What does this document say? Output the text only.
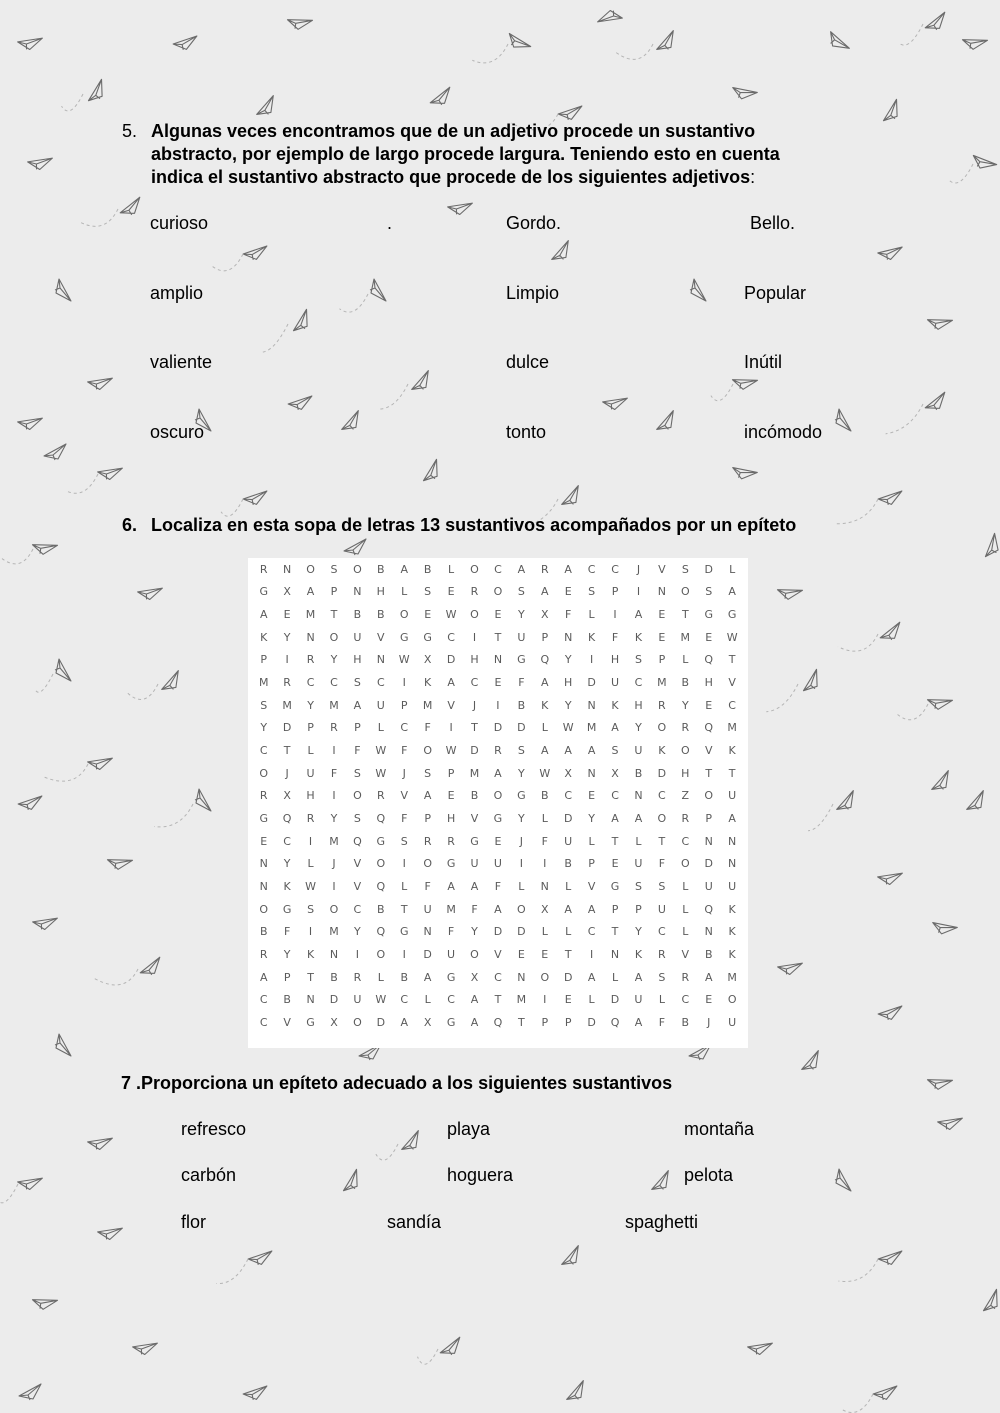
5. Algunas veces encontramos que de un adjetivo procede un sustantivo
abstracto, por ejemplo de largo procede largura. Teniendo esto en cuenta
indica el sustantivo abstracto que procede de los siguientes adjetivos:
curioso	.	Gordo.	Bello.
amplio	Limpio	Popular
valiente	dulce	Inútil
oscuro	tonto	incómodo
6. Localiza en esta sopa de letras 13 sustantivos acompañados por un epíteto
R	N	O	S	O	B	A	B	L	O	C	A	R	A	C	C	J	V	S	D	L
G	X	A	P	N	H	L	S	E	R	O	S	A	E	S	P	I	N	O	S	A
A	E	M	T	B	B	O	E	W	O	E	Y	X	F	L	I	A	E	T	G	G
K	Y	N	O	U	V	G	G	C	I	T	U	P	N	K	F	K	E	M	E	W
P	I	R	Y	H	N	W	X	D	H	N	G	Q	Y	I	H	S	P	L	Q	T
M	R	C	C	S	C	I	K	A	C	E	F	A	H	D	U	C	M	B	H	V
S	M	Y	M	A	U	P	M	V	J	I	B	K	Y	N	K	H	R	Y	E	C
Y	D	P	R	P	L	C	F	I	T	D	D	L	W	M	A	Y	O	R	Q	M
C	T	L	I	F	W	F	O	W	D	R	S	A	A	A	S	U	K	O	V	K
O	J	U	F	S	W	J	S	P	M	A	Y	W	X	N	X	B	D	H	T	T
R	X	H	I	O	R	V	A	E	B	O	G	B	C	E	C	N	C	Z	O	U
G	Q	R	Y	S	Q	F	P	H	V	G	Y	L	D	Y	A	A	O	R	P	A
E	C	I	M	Q	G	S	R	R	G	E	J	F	U	L	T	L	T	C	N	N
N	Y	L	J	V	O	I	O	G	U	U	I	I	B	P	E	U	F	O	D	N
N	K	W	I	V	Q	L	F	A	A	F	L	N	L	V	G	S	S	L	U	U
O	G	S	O	C	B	T	U	M	F	A	O	X	A	A	P	P	U	L	Q	K
B	F	I	M	Y	Q	G	N	F	Y	D	D	L	L	C	T	Y	C	L	N	K
R	Y	K	N	I	O	I	D	U	O	V	E	E	T	I	N	K	R	V	B	K
A	P	T	B	R	L	B	A	G	X	C	N	O	D	A	L	A	S	R	A	M
C	B	N	D	U	W	C	L	C	A	T	M	I	E	L	D	U	L	C	E	O
C	V	G	X	O	D	A	X	G	A	Q	T	P	P	D	Q	A	F	B	J	U
7 .Proporciona un epíteto adecuado a los siguientes sustantivos
refresco	playa	montaña
carbón	hoguera	pelota
flor	sandía	spaghetti
